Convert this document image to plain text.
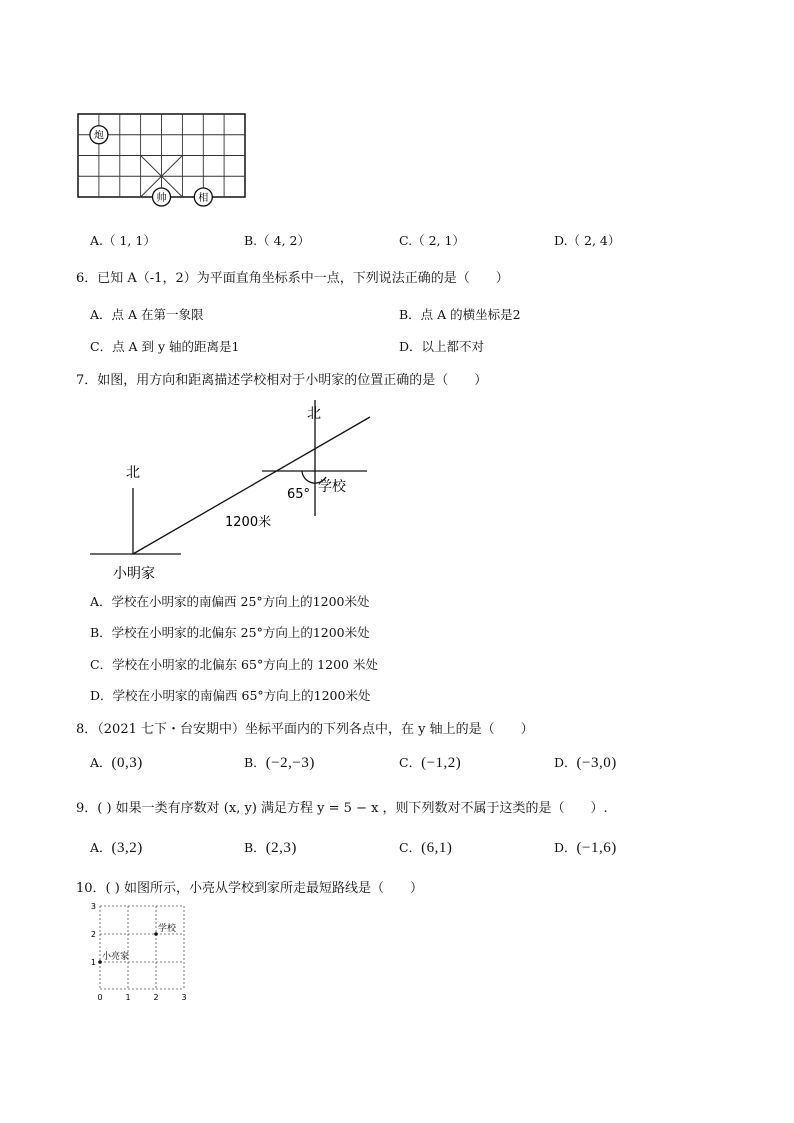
炮
帅	相
A.（ 1, 1）	B.（ 4, 2）	C.（ 2, 1）	D.（ 2, 4）
6．已知 A（-1，2）为平面直角坐标系中一点，下列说法正确的是（　　）
A．点 A 在第一象限	B．点 A 的横坐标是2
C．点 A 到 y 轴的距离是1	D．以上都不对
7．如图，用方向和距离描述学校相对于小明家的位置正确的是（　　）
北
北
65° 学校
1200米
小明家
A．学校在小明家的南偏西 25°方向上的1200米处
B．学校在小明家的北偏东 25°方向上的1200米处
C．学校在小明家的北偏东 65°方向上的 1200 米处
D．学校在小明家的南偏西 65°方向上的1200米处
8．（2021 七下・台安期中）坐标平面内的下列各点中，在 y 轴上的是（　　）
A．(0,3)	B．(−2,−3)	C．(−1,2)	D．(−3,0)
9．( ) 如果一类有序数对 (x, y) 满足方程 y = 5 − x ，则下列数对不属于这类的是（　　）.
A．(3,2)	B．(2,3)	C．(6,1)	D．(−1,6)
10．( ) 如图所示，小亮从学校到家所走最短路线是（　　）
学校
小亮家
0	1	2	3
1
2
3
